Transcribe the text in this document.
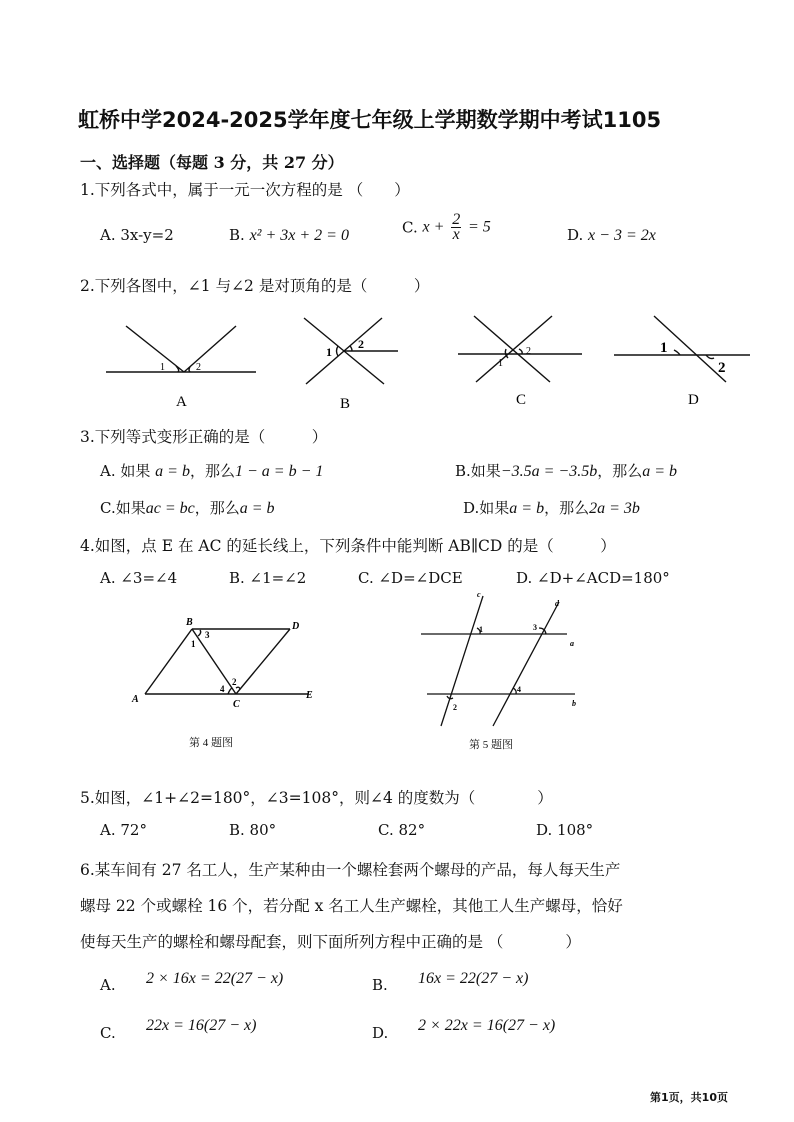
虹桥中学2024-2025学年度七年级上学期数学期中考试1105
一、选择题（每题 3 分，共 27 分）
1.下列各式中，属于一元一次方程的是 （　　）
A. 3x-y=2	B. x² + 3x + 2 = 0	C. $x + \frac{2}{x} = 5$	D. x − 3 = 2x
2.下列各图中，∠1 与∠2 是对顶角的是（　　　）
1	2
A
1
2
B
1
2
C
1
2
D
3.下列等式变形正确的是（　　　）
A. 如果 a = b，那么1 − a = b − 1	B.如果−3.5a = −3.5b，那么a = b
C.如果ac = bc，那么a = b	D.如果a = b，那么2a = 3b
4.如图，点 E 在 AC 的延长线上，下列条件中能判断 AB∥CD 的是（　　　）
A. ∠3=∠4	B. ∠1=∠2	C. ∠D=∠DCE	D. ∠D+∠ACD=180°
B	D
A	C
E
1
2
3
4
第 4 题图
c
d
a
b
1
2
3
4
第 5 题图
5.如图，∠1+∠2=180°，∠3=108°，则∠4 的度数为（　　　　）
A. 72°	B. 80°	C. 82°	D. 108°
6.某车间有 27 名工人，生产某种由一个螺栓套两个螺母的产品，每人每天生产
螺母 22 个或螺栓 16 个，若分配 x 名工人生产螺栓，其他工人生产螺母，恰好
使每天生产的螺栓和螺母配套，则下面所列方程中正确的是 （　　　　）
A. 2 × 16x = 22(27 − x)	B. 16x = 22(27 − x)
C. 22x = 16(27 − x)	D. 2 × 22x = 16(27 − x)
第1页，共10页
